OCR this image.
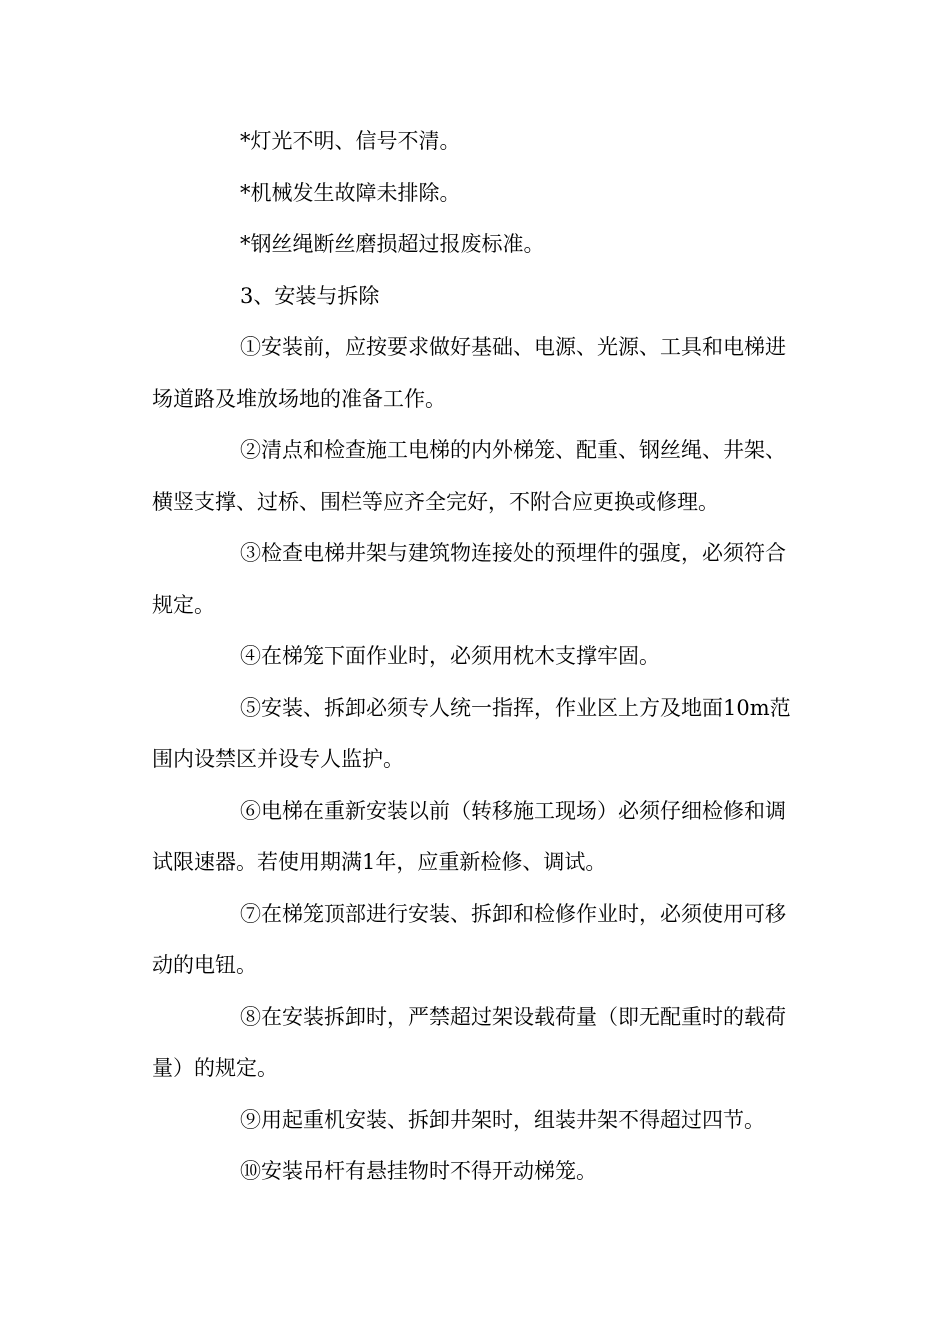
*灯光不明、信号不清。

*机械发生故障未排除。

*钢丝绳断丝磨损超过报废标准。

3、安装与拆除

①安装前，应按要求做好基础、电源、光源、工具和电梯进场道路及堆放场地的准备工作。

②清点和检查施工电梯的内外梯笼、配重、钢丝绳、井架、横竖支撑、过桥、围栏等应齐全完好，不附合应更换或修理。

③检查电梯井架与建筑物连接处的预埋件的强度，必须符合规定。

④在梯笼下面作业时，必须用枕木支撑牢固。

⑤安装、拆卸必须专人统一指挥，作业区上方及地面10m范围内设禁区并设专人监护。

⑥电梯在重新安装以前（转移施工现场）必须仔细检修和调试限速器。若使用期满1年，应重新检修、调试。

⑦在梯笼顶部进行安装、拆卸和检修作业时，必须使用可移动的电钮。

⑧在安装拆卸时，严禁超过架设载荷量（即无配重时的载荷量）的规定。

⑨用起重机安装、拆卸井架时，组装井架不得超过四节。

⑩安装吊杆有悬挂物时不得开动梯笼。
